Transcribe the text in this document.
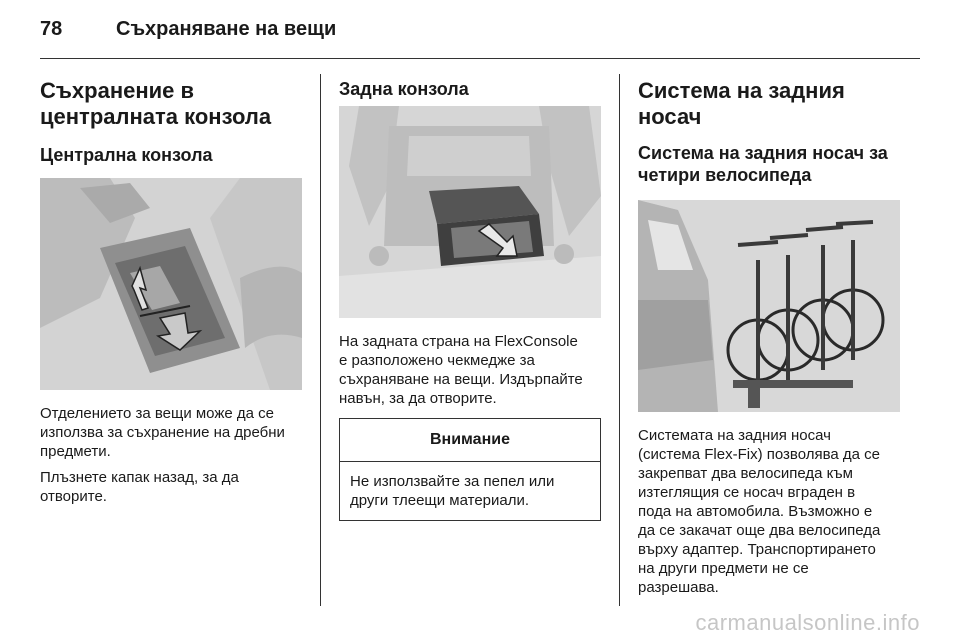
78	Съхраняване на вещи
Съхранение в
централната конзола
Централна конзола

Отделението за вещи може да се
използва за съхранение на дребни
предмети.

Плъзнете капак назад, за да
отворите.

Задна конзола

На задната страна на FlexConsole
е разположено чекмедже за
съхраняване на вещи. Издърпайте
навън, за да отворите.

Внимание
Не използвайте за пепел или
други тлеещи материали.
Система на задния носач
Система на задния носач за
четири велосипеда

Системата на задния носач
(система Flex-Fix) позволява да се
закрепват два велосипеда към
изтеглящия се носач вграден в
пода на автомобила. Възможно е
да се закачат още два велосипеда
върху адаптер. Транспортирането
на други предмети не се
разрешава.

carmanualsonline.info
